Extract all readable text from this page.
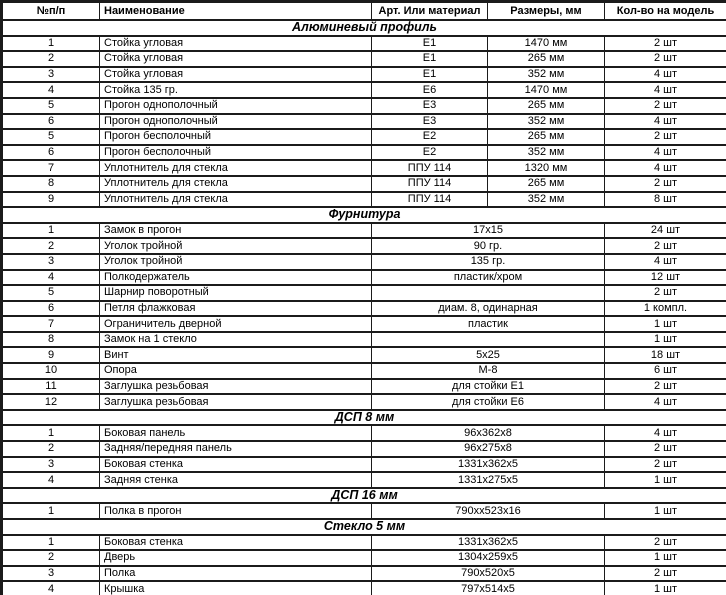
№п/п	Наименование	Арт. Или материал	Размеры, мм	Кол-во на модель
Алюминевый профиль				
1	Стойка угловая	Е1	1470 мм	2 шт
2	Стойка угловая	Е1	265 мм	2 шт
3	Стойка угловая	Е1	352 мм	4 шт
4	Стойка 135 гр.	Е6	1470 мм	4 шт
5	Прогон однополочный	Е3	265 мм	2 шт
6	Прогон однополочный	Е3	352 мм	4 шт
5	Прогон бесполочный	Е2	265 мм	2 шт
6	Прогон бесполочный	Е2	352 мм	4 шт
7	Уплотнитель для стекла	ППУ 114	1320 мм	4 шт
8	Уплотнитель для стекла	ППУ 114	265 мм	2 шт
9	Уплотнитель для стекла	ППУ 114	352 мм	8 шт
Фурнитура				
1	Замок в прогон	17х15		24 шт
2	Уголок тройной	90 гр.		2 шт
3	Уголок тройной	135 гр.		4 шт
4	Полкодержатель	пластик/хром		12 шт
5	Шарнир поворотный			2 шт
6	Петля флажковая	диам. 8, одинарная		1 компл.
7	Ограничитель дверной	пластик		1 шт
8	Замок на 1 стекло			1 шт
9	Винт	5х25		18 шт
10	Опора	М-8		6 шт
11	Заглушка резьбовая	для стойки Е1		2 шт
12	Заглушка резьбовая	для стойки Е6		4 шт
ДСП 8 мм				
1	Боковая панель	96х362х8		4 шт
2	Задняя/передняя панель	96х275х8		2 шт
3	Боковая стенка	1331х362х5		2 шт
4	Задняя стенка	1331х275х5		1 шт
ДСП 16 мм				
1	Полка в прогон	790хх523х16		1 шт
Стекло 5 мм				
1	Боковая стенка	1331х362х5		2 шт
2	Дверь	1304х259х5		1 шт
3	Полка	790х520х5		2 шт
4	Крышка	797х514х5		1 шт
